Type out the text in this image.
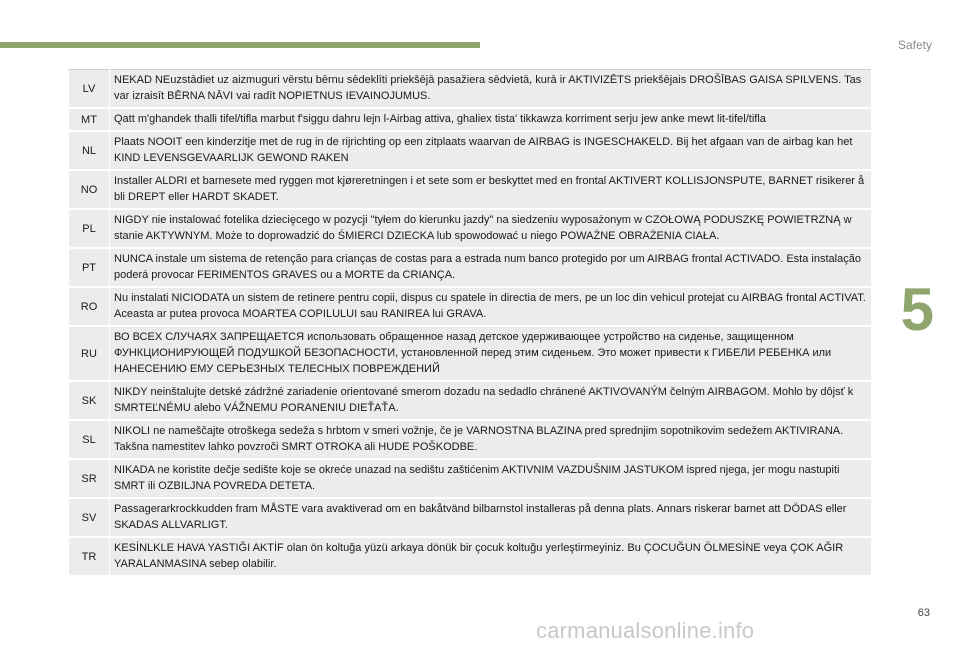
Safety
5
LV	NEKAD NEuzstādiet uz aizmuguri vērstu bērnu sēdeklīti priekšējā pasažiera sēdvietā, kurā ir AKTIVIZĒTS priekšējais DROŠĪBAS GAISA SPILVENS. Tas var izraisīt BĒRNA NĀVI vai radīt NOPIETNUS IEVAINOJUMUS.
MT	Qatt m'ghandek thalli tifel/tifla marbut f'siggu dahru lejn l-Airbag attiva, ghaliex tista' tikkawza korriment serju jew anke mewt lit-tifel/tifla
NL	Plaats NOOIT een kinderzitje met de rug in de rijrichting op een zitplaats waarvan de AIRBAG is INGESCHAKELD. Bij het afgaan van de airbag kan het KIND LEVENSGEVAARLIJK GEWOND RAKEN
NO	Installer ALDRI et barnesete med ryggen mot kjøreretningen i et sete som er beskyttet med en frontal AKTIVERT KOLLISJONSPUTE, BARNET risikerer å bli DREPT eller HARDT SKADET.
PL	NIGDY nie instalować fotelika dziecięcego w pozycji "tyłem do kierunku jazdy" na siedzeniu wyposażonym w CZOŁOWĄ PODUSZKĘ POWIETRZNĄ w stanie AKTYWNYM. Może to doprowadzić do ŚMIERCI DZIECKA lub spowodować u niego POWAŻNE OBRAŻENIA CIAŁA.
PT	NUNCA instale um sistema de retenção para crianças de costas para a estrada num banco protegido por um AIRBAG frontal ACTIVADO. Esta instalação poderá provocar FERIMENTOS GRAVES ou a MORTE da CRIANÇA.
RO	Nu instalati NICIODATA un sistem de retinere pentru copii, dispus cu spatele in directia de mers, pe un loc din vehicul protejat cu AIRBAG frontal ACTIVAT. Aceasta ar putea provoca MOARTEA COPILULUI sau RANIREA lui GRAVA.
RU	ВО ВСЕХ СЛУЧАЯХ ЗАПРЕЩАЕТСЯ использовать обращенное назад детское удерживающее устройство на сиденье, защищенном ФУНКЦИОНИРУЮЩЕЙ ПОДУШКОЙ БЕЗОПАСНОСТИ, установленной перед этим сиденьем. Это может привести к ГИБЕЛИ РЕБЕНКА или НАНЕСЕНИЮ ЕМУ СЕРЬЕЗНЫХ ТЕЛЕСНЫХ ПОВРЕЖДЕНИЙ
SK	NIKDY neinštalujte detské zádržné zariadenie orientované smerom dozadu na sedadlo chránené AKTIVOVANÝM čelným AIRBAGOM. Mohlo by dôjsť k SMRTEĽNÉMU alebo VÁŽNEMU PORANENIU DIEŤAŤA.
SL	NIKOLI ne nameščajte otroškega sedeža s hrbtom v smeri vožnje, če je VARNOSTNA BLAZINA pred sprednjim sopotnikovim sedežem AKTIVIRANA. Takšna namestitev lahko povzroči SMRT OTROKA ali HUDE POŠKODBE.
SR	NIKADA ne koristite dečje sedište koje se okreće unazad na sedištu zaštićenim AKTIVNIM VAZDUŠNIM JASTUKOM ispred njega, jer mogu nastupiti SMRT ili OZBILJNA POVREDA DETETA.
SV	Passagerarkrockkudden fram MÅSTE vara avaktiverad om en bakåtvänd bilbarnstol installeras på denna plats. Annars riskerar barnet att DÖDAS eller SKADAS ALLVARLIGT.
TR	KESİNLKLE HAVA YASTIĞI AKTİF olan ön koltuğa yüzü arkaya dönük bir çocuk koltuğu yerleştirmeyiniz. Bu ÇOCUĞUN ÖLMESİNE veya ÇOK AĞIR YARALANMASINA sebep olabilir.
63
carmanualsonline.info
